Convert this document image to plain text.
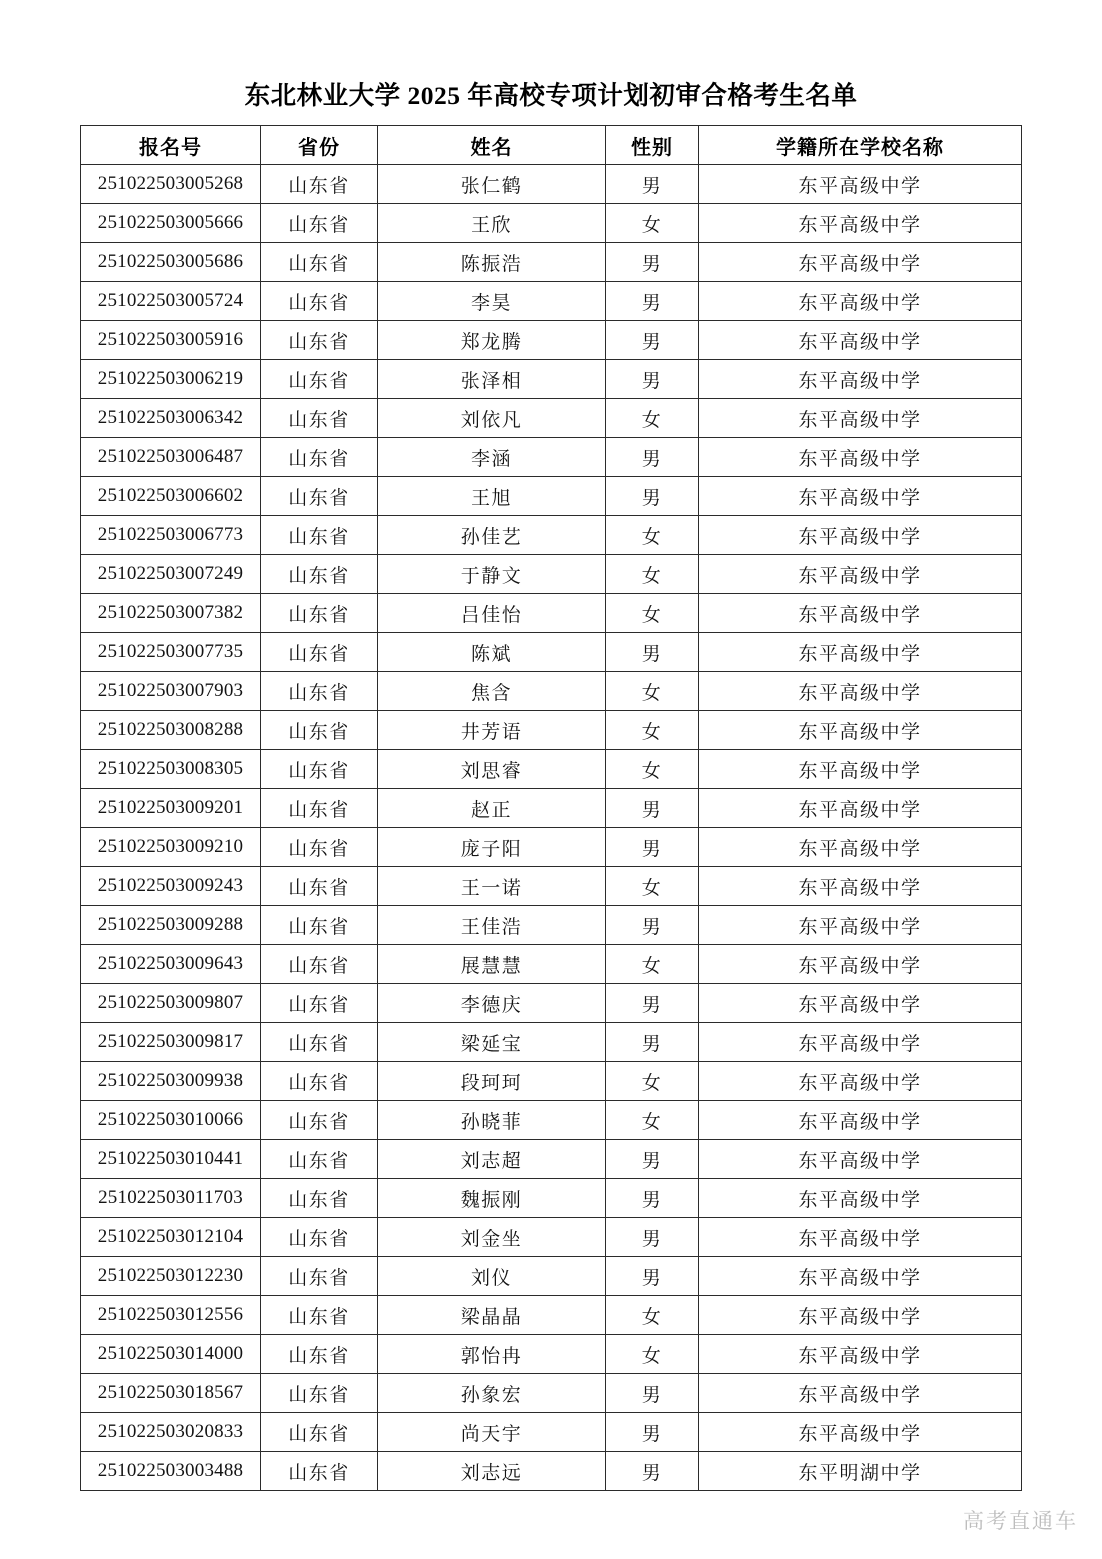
东北林业大学 2025 年高校专项计划初审合格考生名单
报名号	省份	姓名	性别	学籍所在学校名称
251022503005268	山东省	张仁鹤	男	东平高级中学
251022503005666	山东省	王欣	女	东平高级中学
251022503005686	山东省	陈振浩	男	东平高级中学
251022503005724	山东省	李昊	男	东平高级中学
251022503005916	山东省	郑龙腾	男	东平高级中学
251022503006219	山东省	张泽相	男	东平高级中学
251022503006342	山东省	刘依凡	女	东平高级中学
251022503006487	山东省	李涵	男	东平高级中学
251022503006602	山东省	王旭	男	东平高级中学
251022503006773	山东省	孙佳艺	女	东平高级中学
251022503007249	山东省	于静文	女	东平高级中学
251022503007382	山东省	吕佳怡	女	东平高级中学
251022503007735	山东省	陈斌	男	东平高级中学
251022503007903	山东省	焦含	女	东平高级中学
251022503008288	山东省	井芳语	女	东平高级中学
251022503008305	山东省	刘思睿	女	东平高级中学
251022503009201	山东省	赵正	男	东平高级中学
251022503009210	山东省	庞子阳	男	东平高级中学
251022503009243	山东省	王一诺	女	东平高级中学
251022503009288	山东省	王佳浩	男	东平高级中学
251022503009643	山东省	展慧慧	女	东平高级中学
251022503009807	山东省	李德庆	男	东平高级中学
251022503009817	山东省	梁延宝	男	东平高级中学
251022503009938	山东省	段珂珂	女	东平高级中学
251022503010066	山东省	孙晓菲	女	东平高级中学
251022503010441	山东省	刘志超	男	东平高级中学
251022503011703	山东省	魏振刚	男	东平高级中学
251022503012104	山东省	刘金坐	男	东平高级中学
251022503012230	山东省	刘仪	男	东平高级中学
251022503012556	山东省	梁晶晶	女	东平高级中学
251022503014000	山东省	郭怡冉	女	东平高级中学
251022503018567	山东省	孙象宏	男	东平高级中学
251022503020833	山东省	尚天宇	男	东平高级中学
251022503003488	山东省	刘志远	男	东平明湖中学
高考直通车
